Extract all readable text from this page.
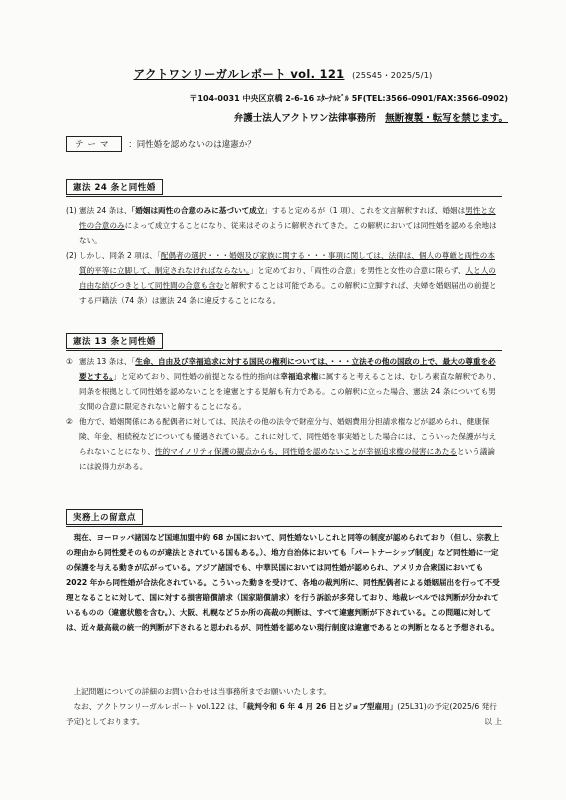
アクトワンリーガルレポート vol. 121 (25S45・2025/5/1)
〒104-0031 中央区京橋 2-6-16 ｴﾀｰﾅﾙﾋﾞﾙ 5F(TEL:3566-0901/FAX:3566-0902)
弁護士法人アクトワン法律事務所 無断複製・転写を禁じます。
テーマ ：同性婚を認めないのは違憲か？
憲法 24 条と同性婚
(1) 憲法 24 条は、「婚姻は両性の合意のみに基づいて成立」すると定めるが（1 項）、これを文言解釈すれば、婚姻は男性と女性の合意のみによって成立することになり、従来はそのように解釈されてきた。この解釈においては同性婚を認める余地はない。
(2) しかし、同条 2 項は、「配偶者の選択・・・婚姻及び家族に関する・・・事項に関しては、法律は、個人の尊厳と両性の本質的平等に立脚して、制定されなければならない。」と定めており、「両性の合意」を男性と女性の合意に限らず、人と人の自由な結びつきとして同性間の合意も含むと解釈することは可能である。この解釈に立脚すれば、夫婦を婚姻届出の前提とする戸籍法（74 条）は憲法 24 条に違反することになる。
憲法 13 条と同性婚
① 憲法 13 条は、「生命、自由及び幸福追求に対する国民の権利については、・・・立法その他の国政の上で、最大の尊重を必要とする。」と定めており、同性婚の前提となる性的指向は幸福追求権に属すると考えることは、むしろ素直な解釈であり、同条を根拠として同性婚を認めないことを違憲とする見解も有力である。この解釈に立った場合、憲法 24 条についても男女間の合意に限定されないと解することになる。
② 他方で、婚姻関係にある配偶者に対しては、民法その他の法令で財産分与、婚姻費用分担請求権などが認められ、健康保険、年金、相続税などについても優遇されている。これに対して、同性婚を事実婚とした場合には、こういった保護が与えられないことになり、性的マイノリティ保護の観点からも、同性婚を認めないことが幸福追求権の侵害にあたるという議論には説得力がある。
実務上の留意点
現在、ヨーロッパ諸国など国連加盟中約 68 か国において、同性婚ないしこれと同等の制度が認められており（但し、宗教上の理由から同性愛そのものが違法とされている国もある。）、地方自治体においても「パートナーシップ制度」など同性婚に一定の保護を与える動きが広がっている。アジア諸国でも、中華民国においては同性婚が認められ、アメリカ合衆国においても 2022 年から同性婚が合法化されている。こういった動きを受けて、各地の裁判所に、同性配偶者による婚姻届出を行って不受理となることに対して、国に対する損害賠償請求（国家賠償請求）を行う訴訟が多発しており、地裁レベルでは判断が分かれているものの（違憲状態を含む。）、大阪、札幌など５か所の高裁の判断は、すべて違憲判断が下されている。この問題に対しては、近々最高裁の統一的判断が下されると思われるが、同性婚を認めない現行制度は違憲であるとの判断となると予想される。
上記問題についての詳細のお問い合わせは当事務所までお願いいたします。
なお、アクトワンリーガルレポート vol.122 は、「裁判令和 6 年 4 月 26 日とジョブ型雇用」(25L31)の予定(2025/6 発行予定)としております。	以 上
